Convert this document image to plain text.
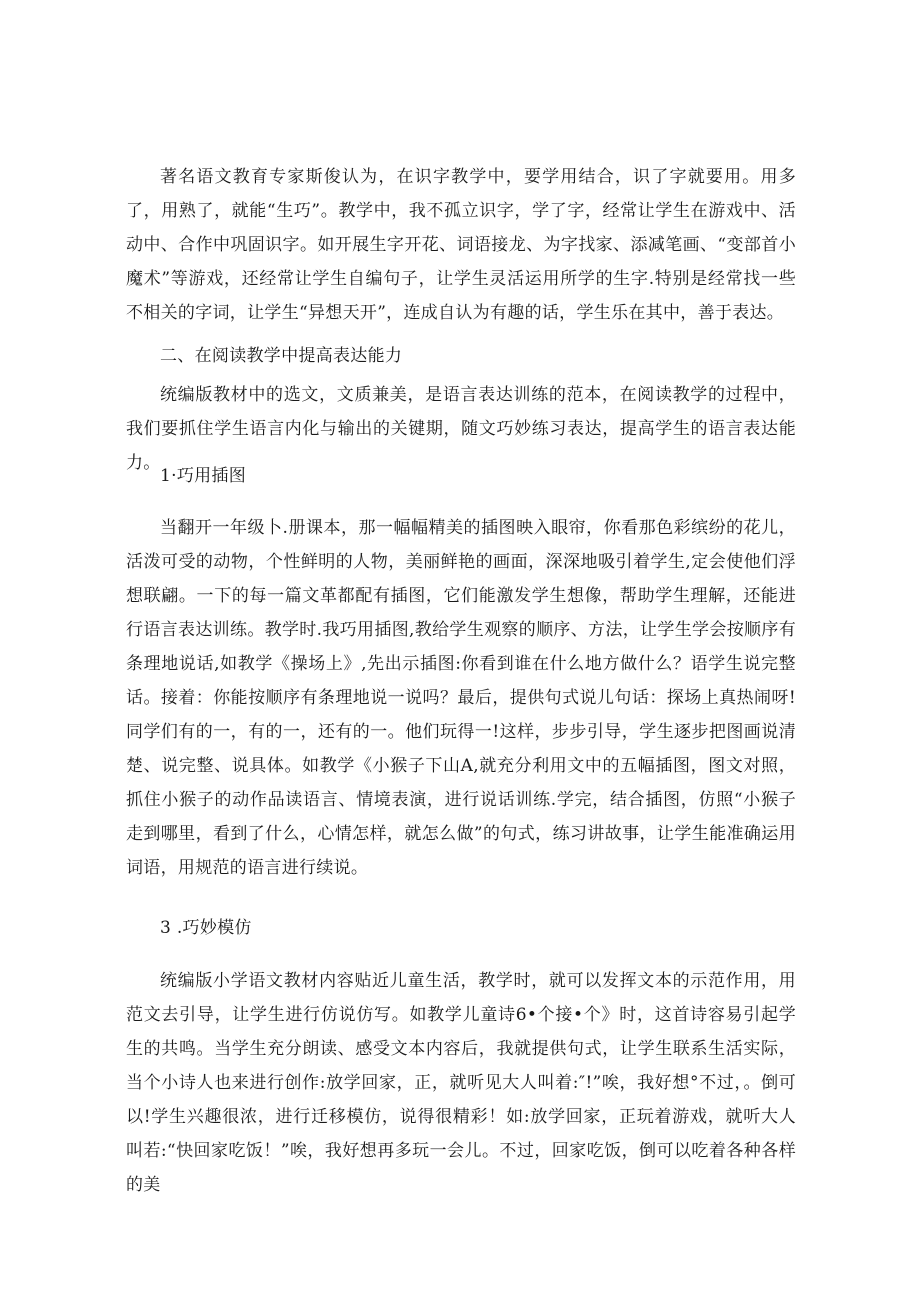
著名语文教育专家斯俊认为，在识字教学中，要学用结合，识了字就要用。用多了，用熟了，就能“生巧”。教学中，我不孤立识字，学了字，经常让学生在游戏中、活动中、合作中巩固识字。如开展生字开花、词语接龙、为字找家、添减笔画、“变部首小魔术”等游戏，还经常让学生自编句子，让学生灵活运用所学的生字.特别是经常找一些不相关的字词，让学生“异想天开”，连成自认为有趣的话，学生乐在其中，善于表达。

二、在阅读教学中提高表达能力

统编版教材中的选文，文质兼美，是语言表达训练的范本，在阅读教学的过程中，我们要抓住学生语言内化与输出的关键期，随文巧妙练习表达，提高学生的语言表达能力。

1·巧用插图

当翻开一年级卜.册课本，那一幅幅精美的插图映入眼帘，你看那色彩缤纷的花儿，活泼可受的动物，个性鲜明的人物，美丽鲜艳的画面，深深地吸引着学生,定会使他们浮想联翩。一下的每一篇文革都配有插图，它们能激发学生想像，帮助学生理解，还能进行语言表达训练。教学时.我巧用插图,教给学生观察的顺序、方法，让学生学会按顺序有条理地说话,如教学《操场上》,先出示插图:你看到谁在什么地方做什么？语学生说完整话。接着：你能按顺序有条理地说一说吗？最后，提供句式说儿句话：探场上真热闹呀!同学们有的一，有的一，还有的一。他们玩得一!这样，步步引导，学生逐步把图画说清楚、说完整、说具体。如教学《小猴子下山A,就充分利用文中的五幅插图，图文对照，抓住小猴子的动作品读语言、情境表演，进行说话训练.学完，结合插图，仿照“小猴子走到哪里，看到了什么，心情怎样，就怎么做”的句式，练习讲故事，让学生能准确运用词语，用规范的语言进行续说。

3 .巧妙模仿

统编版小学语文教材内容贴近儿童生活，教学时，就可以发挥文本的示范作用，用范文去引导，让学生进行仿说仿写。如教学儿童诗6•个接•个》时，这首诗容易引起学生的共鸣。当学生充分朗读、感受文本内容后，我就提供句式，让学生联系生活实际，当个小诗人也来进行创作:放学回家，正，就听见大人叫着:″!”唉，我好想°不过，。倒可以!学生兴趣很浓，进行迁移模仿，说得很精彩！如:放学回家，正玩着游戏，就听大人叫若:“快回家吃饭！”唉，我好想再多玩一会儿。不过，回家吃饭，倒可以吃着各种各样的美
